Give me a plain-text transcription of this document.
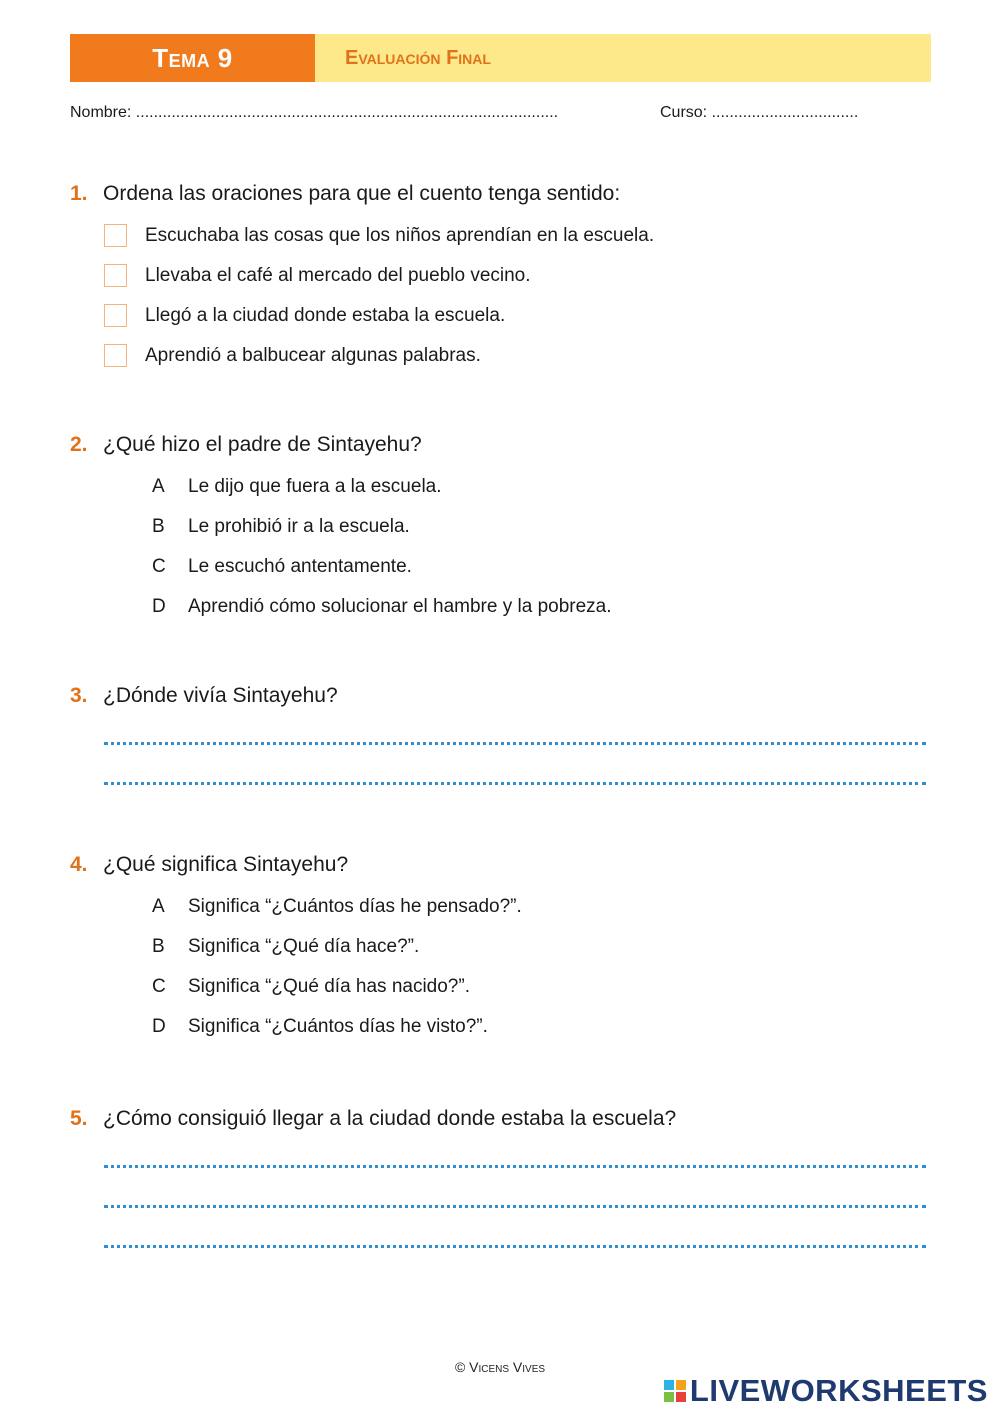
Tema 9	Evaluación Final
Nombre: ...............................................................................................	Curso: .................................
1. Ordena las oraciones para que el cuento tenga sentido:
Escuchaba las cosas que los niños aprendían en la escuela.
Llevaba el café al mercado del pueblo vecino.
Llegó a la ciudad donde estaba la escuela.
Aprendió a balbucear algunas palabras.
2. ¿Qué hizo el padre de Sintayehu?
A Le dijo que fuera a la escuela.
B Le prohibió ir a la escuela.
C Le escuchó antentamente.
D Aprendió cómo solucionar el hambre y la pobreza.
3. ¿Dónde vivía Sintayehu?
4. ¿Qué significa Sintayehu?
A Significa “¿Cuántos días he pensado?”.
B Significa “¿Qué día hace?”.
C Significa “¿Qué día has nacido?”.
D Significa “¿Cuántos días he visto?”.
5. ¿Cómo consiguió llegar a la ciudad donde estaba la escuela?
© Vicens Vives
LIVEWORKSHEETS
